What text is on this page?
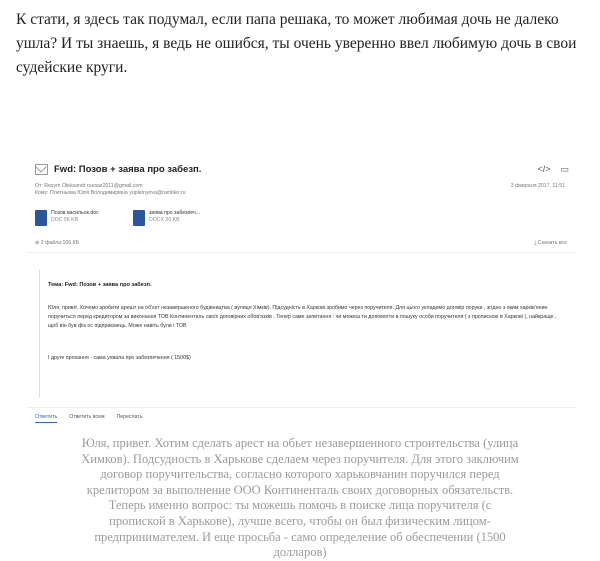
К стати, я здесь так подумал, если папа решака, то может любимая дочь не далеко ушла? И ты знаешь, я ведь не ошибся, ты очень уверенно ввел любимую дочь в свои судейские круги.
Fwd: Позов + заява про забезп.	</> ▭
От: Resym Oleksandr ruesaz2011@gmail.com
Кому: Плетньова Юлія Володимирівна yupletnyova@rambler.ru
3 февраля 2017, 11:51
Позов васильок.doc
DOC 56 KB
заява про забезпеч...
DOCX 20 KB
⊕ 2 файла 106 КБ	⤓ Скачать все
Тема: Fwd: Позов + заява про забезп.
Юля, привіт. Хочемо зробити арешт на об'єкт незавершеного будівництва ( вулиця Хімків). Підсудність в Харкові зробимо через поручителя. Для цього укладемо договір поруки , згідно з яким харків'янин поручиться перед кредитором за виконання ТОВ Континенталь своїх договірних обов'язків . Тепер саме запитання : чи можеш ти допомогти в пошуку особи поручителя ( з пропискою в Харкові ), найкраще , щоб він був фіз ос підприємець. Може навіть були і ТОВ
І друге прохання - сама ухвала про забезпечення ( 1500$)
Ответить Ответить всем Переслать
Юля, привет. Хотим сделать арест на обьет незавершенного строительства (улица Химков). Подсудность в Харькове сделаем через поручителя. Для этого заключим договор поручительства, согласно которого харьковчанин поручился перед крелитором за выполнение ООО Континенталь своих договорных обязательств. Теперь именно вопрос: ты можешь помочь в поиске лица поручителя (с пропиской в Харькове), лучше всего, чтобы он был физическим лицом-предпринимателем. И еще просьба - само определение об обеспечении (1500 долларов)
